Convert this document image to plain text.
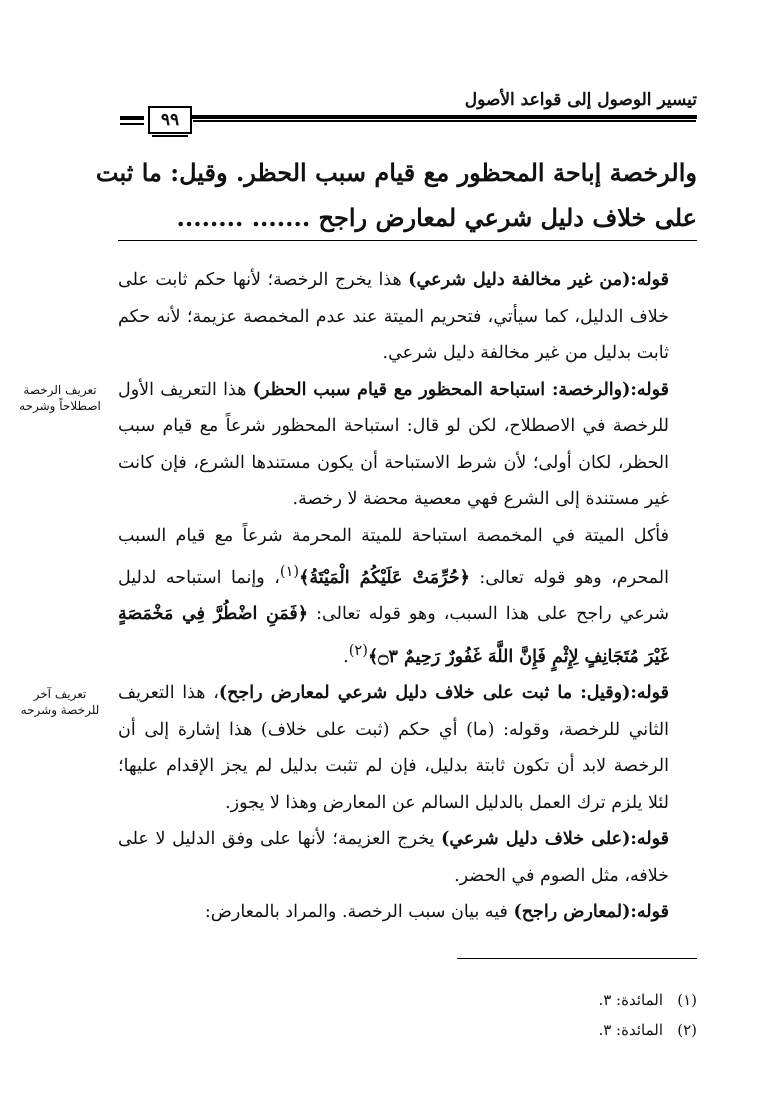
تيسير الوصول إلى قواعد الأصول
٩٩
والرخصة إباحة المحظور مع قيام سبب الحظر. وقيل: ما ثبت
على خلاف دليل شرعي لمعارض راجح ....... ........

قوله:(من غير مخالفة دليل شرعي) هذا يخرج الرخصة؛ لأنها حكم ثابت على خلاف الدليل، كما سيأتي، فتحريم الميتة عند عدم المخمصة عزيمة؛ لأنه حكم ثابت بدليل من غير مخالفة دليل شرعي.

قوله:(والرخصة: استباحة المحظور مع قيام سبب الحظر) هذا التعريف الأول للرخصة في الاصطلاح، لكن لو قال: استباحة المحظور شرعاً مع قيام سبب الحظر، لكان أولى؛ لأن شرط الاستباحة أن يكون مستندها الشرع، فإن كانت غير مستندة إلى الشرع فهي معصية محضة لا رخصة.

فأكل الميتة في المخمصة استباحة للميتة المحرمة شرعاً مع قيام السبب المحرم، وهو قوله تعالى: ﴿حُرِّمَتْ عَلَيْكُمُ الْمَيْتَةُ﴾$^{(١)}$، وإنما استباحه لدليل شرعي راجح على هذا السبب، وهو قوله تعالى: ﴿فَمَنِ اضْطُرَّ فِي مَخْمَصَةٍ غَيْرَ مُتَجَانِفٍ لِإِثْمٍ فَإِنَّ اللَّهَ غَفُورٌ رَحِيمٌ ۝٣﴾$^{(٢)}$.

قوله:(وقيل: ما ثبت على خلاف دليل شرعي لمعارض راجح)، هذا التعريف الثاني للرخصة، وقوله: (ما) أي حكم (ثبت على خلاف) هذا إشارة إلى أن الرخصة لابد أن تكون ثابتة بدليل، فإن لم تثبت بدليل لم يجز الإقدام عليها؛ لئلا يلزم ترك العمل بالدليل السالم عن المعارض وهذا لا يجوز.

قوله:(على خلاف دليل شرعي) يخرج العزيمة؛ لأنها على وفق الدليل لا على خلافه، مثل الصوم في الحضر.

قوله:(لمعارض راجح) فيه بيان سبب الرخصة. والمراد بالمعارض:

تعريف الرخصة
اصطلاحاً وشرحه
تعريف آخر
للرخصة وشرحه
(١)المائدة: ٣.
(٢)المائدة: ٣.
